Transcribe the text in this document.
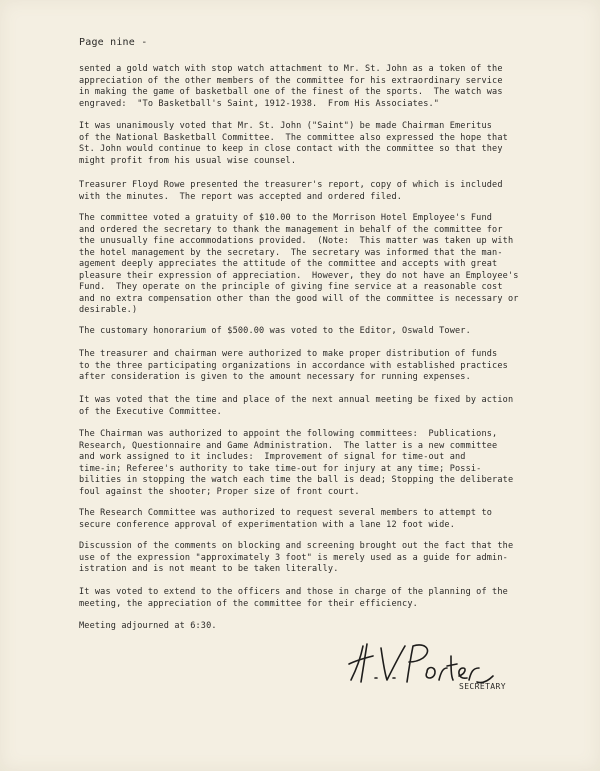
Page nine -

sented a gold watch with stop watch attachment to Mr. St. John as a token of the
appreciation of the other members of the committee for his extraordinary service
in making the game of basketball one of the finest of the sports.  The watch was
engraved:  "To Basketball's Saint, 1912-1938.  From His Associates."

It was unanimously voted that Mr. St. John ("Saint") be made Chairman Emeritus
of the National Basketball Committee.  The committee also expressed the hope that
St. John would continue to keep in close contact with the committee so that they
might profit from his usual wise counsel.

Treasurer Floyd Rowe presented the treasurer's report, copy of which is included
with the minutes.  The report was accepted and ordered filed.

The committee voted a gratuity of $10.00 to the Morrison Hotel Employee's Fund
and ordered the secretary to thank the management in behalf of the committee for
the unusually fine accommodations provided.  (Note:  This matter was taken up with
the hotel management by the secretary.  The secretary was informed that the man-
agement deeply appreciates the attitude of the committee and accepts with great
pleasure their expression of appreciation.  However, they do not have an Employee's
Fund.  They operate on the principle of giving fine service at a reasonable cost
and no extra compensation other than the good will of the committee is necessary or
desirable.)

The customary honorarium of $500.00 was voted to the Editor, Oswald Tower.

The treasurer and chairman were authorized to make proper distribution of funds
to the three participating organizations in accordance with established practices
after consideration is given to the amount necessary for running expenses.

It was voted that the time and place of the next annual meeting be fixed by action
of the Executive Committee.

The Chairman was authorized to appoint the following committees:  Publications,
Research, Questionnaire and Game Administration.  The latter is a new committee
and work assigned to it includes:  Improvement of signal for time-out and
time-in; Referee's authority to take time-out for injury at any time; Possi-
bilities in stopping the watch each time the ball is dead; Stopping the deliberate
foul against the shooter; Proper size of front court.

The Research Committee was authorized to request several members to attempt to
secure conference approval of experimentation with a lane 12 foot wide.

Discussion of the comments on blocking and screening brought out the fact that the
use of the expression "approximately 3 foot" is merely used as a guide for admin-
istration and is not meant to be taken literally.

It was voted to extend to the officers and those in charge of the planning of the
meeting, the appreciation of the committee for their efficiency.

Meeting adjourned at 6:30.

SECRETARY
